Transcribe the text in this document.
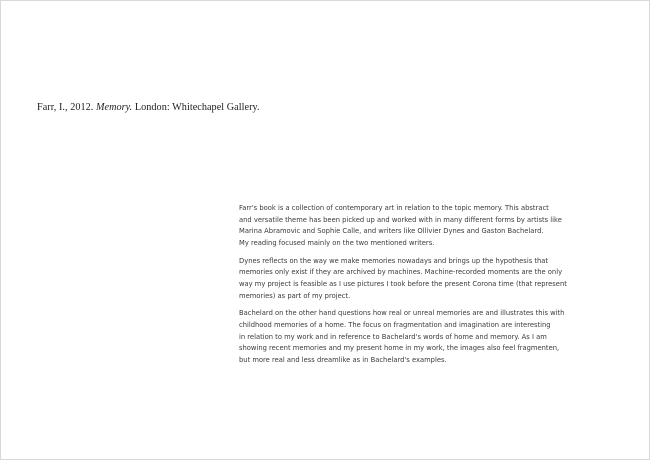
Farr, I., 2012. Memory. London: Whitechapel Gallery.

Farr's book is a collection of contemporary art in relation to the topic memory. This abstract
and versatile theme has been picked up and worked with in many different forms by artists like
Marina Abramovic and Sophie Calle, and writers like Ollivier Dynes and Gaston Bachelard.
My reading focused mainly on the two mentioned writers.

Dynes reflects on the way we make memories nowadays and brings up the hypothesis that
memories only exist if they are archived by machines. Machine-recorded moments are the only
way my project is feasible as I use pictures I took before the present Corona time (that represent
memories) as part of my project.

Bachelard on the other hand questions how real or unreal memories are and illustrates this with
childhood memories of a home. The focus on fragmentation and imagination are interesting
in relation to my work and in reference to Bachelard's words of home and memory. As I am
showing recent memories and my present home in my work, the images also feel fragmenten,
but more real and less dreamlike as in Bachelard's examples.
